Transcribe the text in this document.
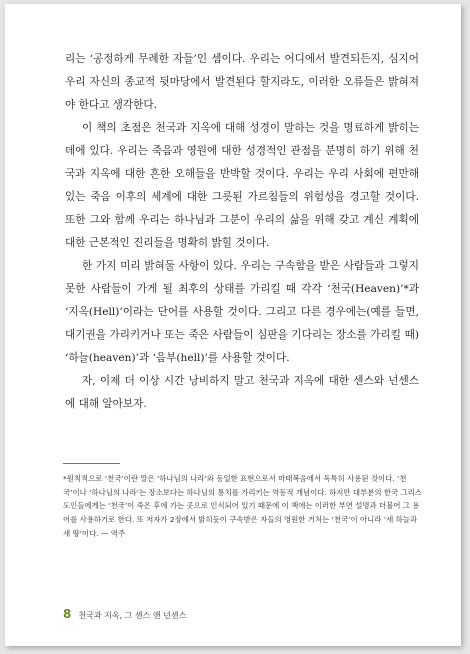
리는 ‘공정하게 무례한 자들’인 셈이다. 우리는 어디에서 발견되든지, 심지어 우리 자신의 종교적 뒷마당에서 발견된다 할지라도, 이러한 오류들은 밝혀져야 한다고 생각한다.

이 책의 초점은 천국과 지옥에 대해 성경이 말하는 것을 명료하게 밝히는 데에 있다. 우리는 죽음과 영원에 대한 성경적인 관점을 분명히 하기 위해 천국과 지옥에 대한 흔한 오해들을 반박할 것이다. 우리는 우리 사회에 편만해 있는 죽음 이후의 세계에 대한 그릇된 가르침들의 위험성을 경고할 것이다. 또한 그와 함께 우리는 하나님과 그분이 우리의 삶을 위해 갖고 계신 계획에 대한 근본적인 진리들을 명확히 밝힐 것이다.

한 가지 미리 밝혀둘 사항이 있다. 우리는 구속함을 받은 사람들과 그렇지 못한 사람들이 가게 될 최후의 상태를 가리킬 때 각각 ‘천국(Heaven)’*과 ‘지옥(Hell)’이라는 단어를 사용할 것이다. 그리고 다른 경우에는(예를 들면, 대기권을 가리키거나 또는 죽은 사람들이 심판을 기다리는 장소를 가리킬 때) ‘하늘(heaven)’과 ‘음부(hell)’를 사용할 것이다.

자, 이제 더 이상 시간 낭비하지 말고 천국과 지옥에 대한 센스와 넌센스에 대해 알아보자.

*원칙적으로 ‘천국’이란 말은 ‘하나님의 나라’와 동일한 표현으로서 마태복음에서 독특히 사용된 것이다. ‘천국’이나 ‘하나님의 나라’는 장소보다는 하나님의 통치를 가리키는 역동적 개념이다. 하지만 대부분의 한국 그리스도인들에게는 ‘천국’이 죽은 후에 가는 곳으로 인식되어 있기 때문에 이 책에는 이러한 부연 설명과 더불어 그 용어를 사용하기로 한다. 또 저자가 2장에서 밝히듯이 구속받은 자들의 영원한 거처는 ‘천국’이 아니라 ‘새 하늘과 새 땅’이다. — 역주

8 천국과 지옥, 그 센스 앤 넌센스
